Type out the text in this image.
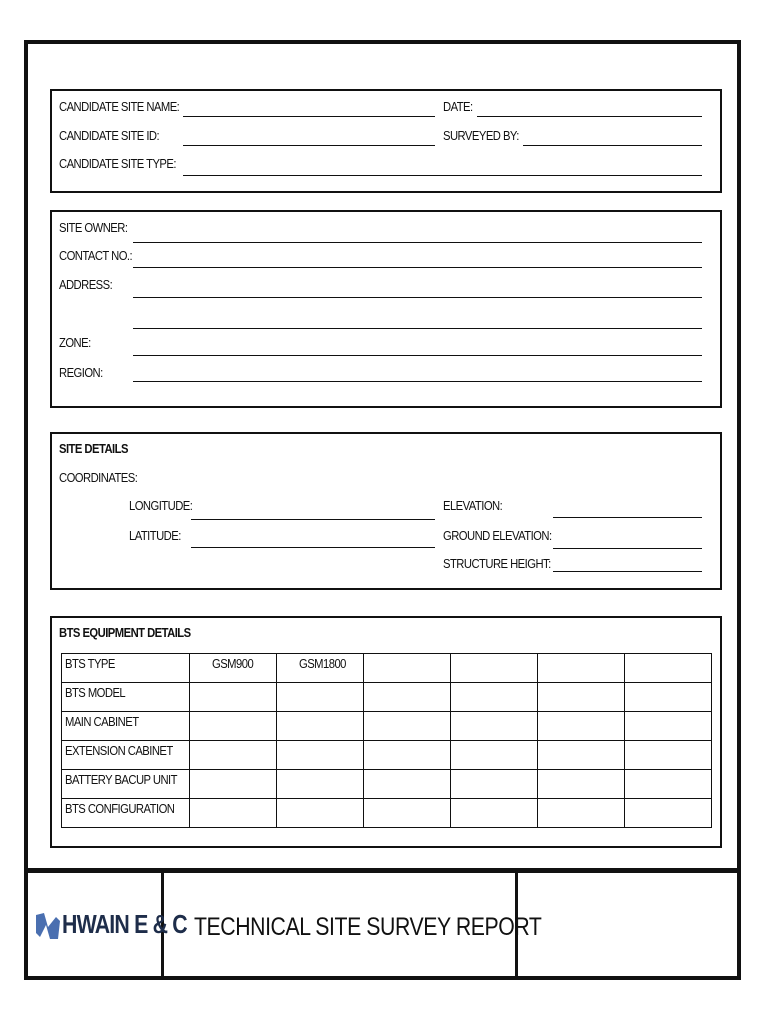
CANDIDATE SITE NAME:	DATE:
CANDIDATE SITE ID:	SURVEYED BY:
CANDIDATE SITE TYPE:
SITE OWNER:
CONTACT NO.:
ADDRESS:
ZONE:
REGION:
SITE DETAILS
COORDINATES:
LONGITUDE:	ELEVATION:
LATITUDE:	GROUND ELEVATION:
STRUCTURE HEIGHT:
BTS EQUIPMENT DETAILS
BTS TYPE	GSM900	GSM1800				
BTS MODEL						
MAIN CABINET						
EXTENSION CABINET						
BATTERY BACUP UNIT						
BTS CONFIGURATION						
HWAIN E & C TECHNICAL SITE SURVEY REPORT
